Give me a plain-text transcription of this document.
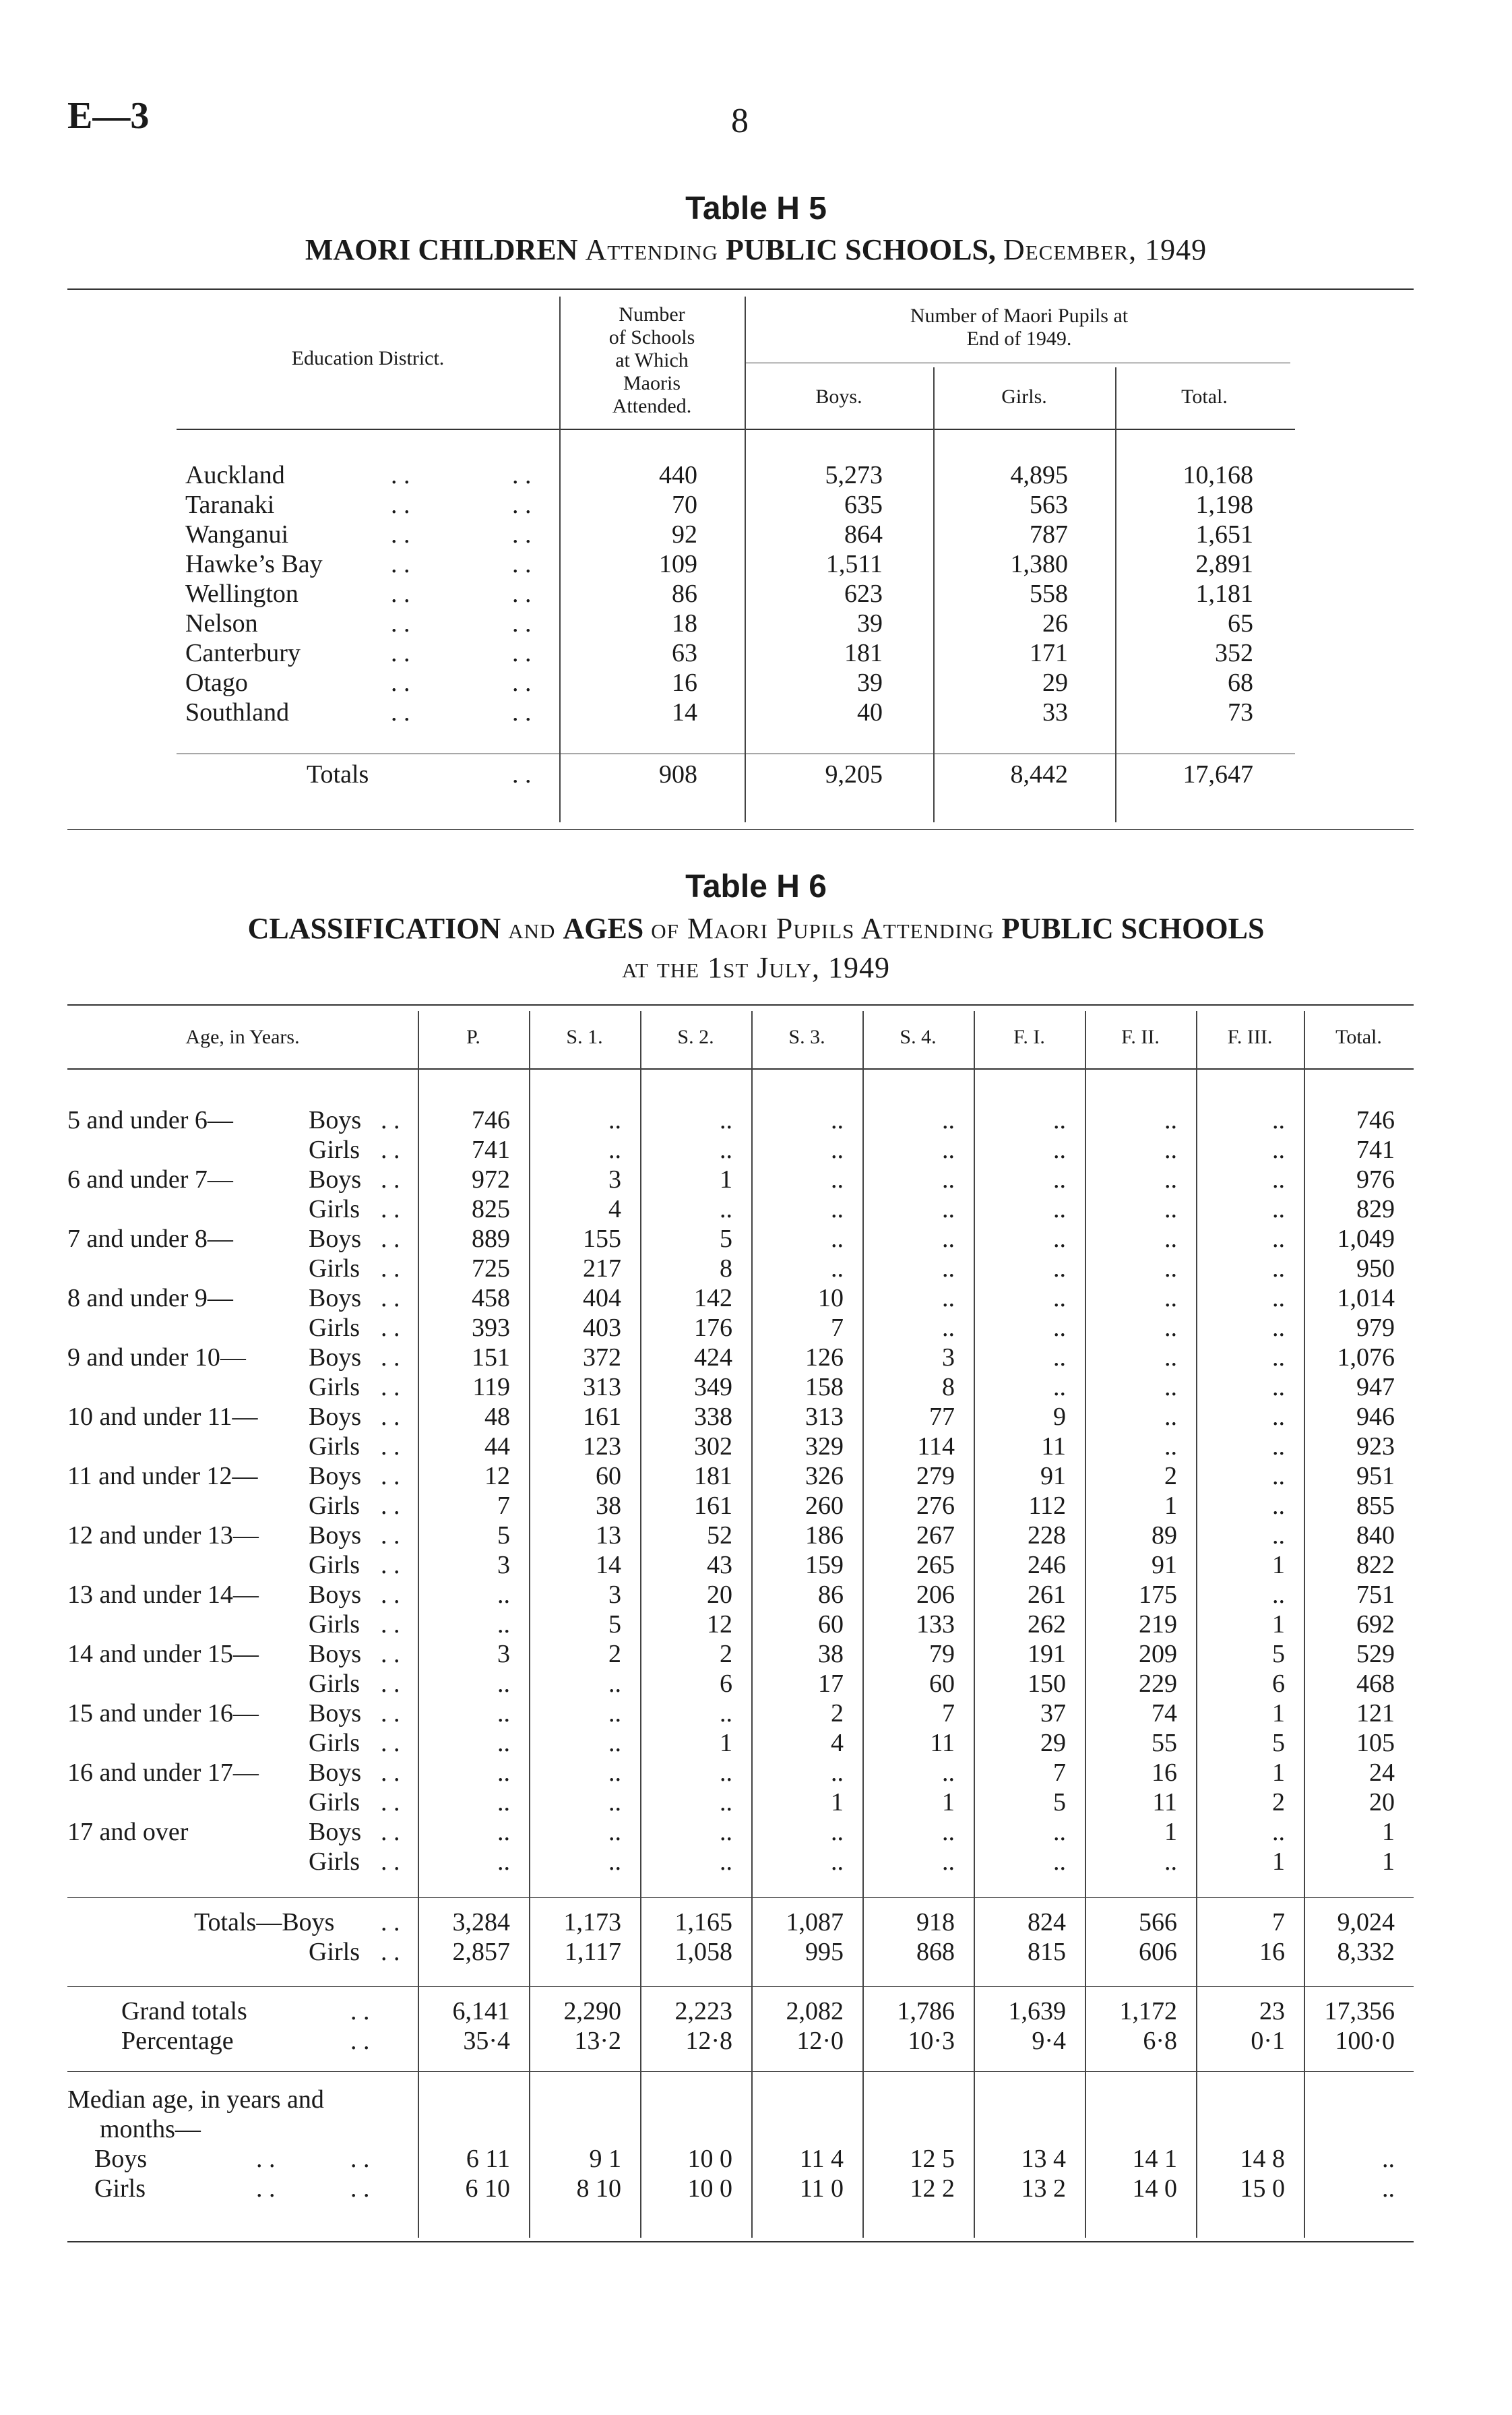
E—3	8
Table H 5
MAORI CHILDREN Attending PUBLIC SCHOOLS, December, 1949
Education District.
Number
of Schools
at Which
Maoris
Attended.
Number of Maori Pupils at
End of 1949.
Boys.	Girls.	Total.
Auckland	. .	. .	440	5,273	4,895	10,168
Taranaki	. .	. .	70	635	563	1,198
Wanganui	. .	. .	92	864	787	1,651
Hawke’s Bay	. .	. .	109	1,511	1,380	2,891
Wellington	. .	. .	86	623	558	1,181
Nelson	. .	. .	18	39	26	65
Canterbury	. .	. .	63	181	171	352
Otago	. .	. .	16	39	29	68
Southland	. .	. .	14	40	33	73
Totals	. .	908	9,205	8,442	17,647
Table H 6
CLASSIFICATION and AGES of Maori Pupils Attending PUBLIC SCHOOLS
at the 1st July, 1949
Age, in Years.	P.	S. 1.	S. 2.	S. 3.	S. 4.	F. I.	F. II.	F. III.	Total.
5 and under 6—	Boys . .	746	..	..	..	..	..	..	..	746
Girls . .	741	..	..	..	..	..	..	..	741
6 and under 7—	Boys . .	972	3	1	..	..	..	..	..	976
Girls . .	825	4	..	..	..	..	..	..	829
7 and under 8—	Boys . .	889	155	5	..	..	..	..	..	1,049
Girls . .	725	217	8	..	..	..	..	..	950
8 and under 9—	Boys . .	458	404	142	10	..	..	..	..	1,014
Girls . .	393	403	176	7	..	..	..	..	979
9 and under 10— Boys . .	151	372	424	126	3	..	..	..	1,076
Girls . .	119	313	349	158	8	..	..	..	947
10 and under 11— Boys . .	48	161	338	313	77	9	..	..	946
Girls . .	44	123	302	329	114	11	..	..	923
11 and under 12— Boys . .	12	60	181	326	279	91	2	..	951
Girls . .	7	38	161	260	276	112	1	..	855
12 and under 13— Boys . .	5	13	52	186	267	228	89	..	840
Girls . .	3	14	43	159	265	246	91	1	822
13 and under 14— Boys . .	..	3	20	86	206	261	175	..	751
Girls . .	..	5	12	60	133	262	219	1	692
14 and under 15— Boys . .	3	2	2	38	79	191	209	5	529
Girls . .	..	..	6	17	60	150	229	6	468
15 and under 16— Boys . .	..	..	..	2	7	37	74	1	121
Girls . .	..	..	1	4	11	29	55	5	105
16 and under 17— Boys . .	..	..	..	..	..	7	16	1	24
Girls . .	..	..	..	1	1	5	11	2	20
17 and over	Boys . .	..	..	..	..	..	..	1	..	1
Girls . .	..	..	..	..	..	..	..	1	1
Totals—Boys . .	3,284	1,173	1,165	1,087	918	824	566	7	9,024
Girls . .	2,857	1,117	1,058	995	868	815	606	16	8,332
Grand totals	. .	6,141	2,290	2,223	2,082	1,786	1,639	1,172	23	17,356
Percentage	. .	35·4	13·2	12·8	12·0	10·3	9·4	6·8	0·1	100·0
Boys	. .	. .	6 11	9 1	10 0	11 4	12 5	13 4	14 1	14 8	..
Girls	. .	. .	6 10	8 10	10 0	11 0	12 2	13 2	14 0	15 0	..
Median age, in years and
months—
